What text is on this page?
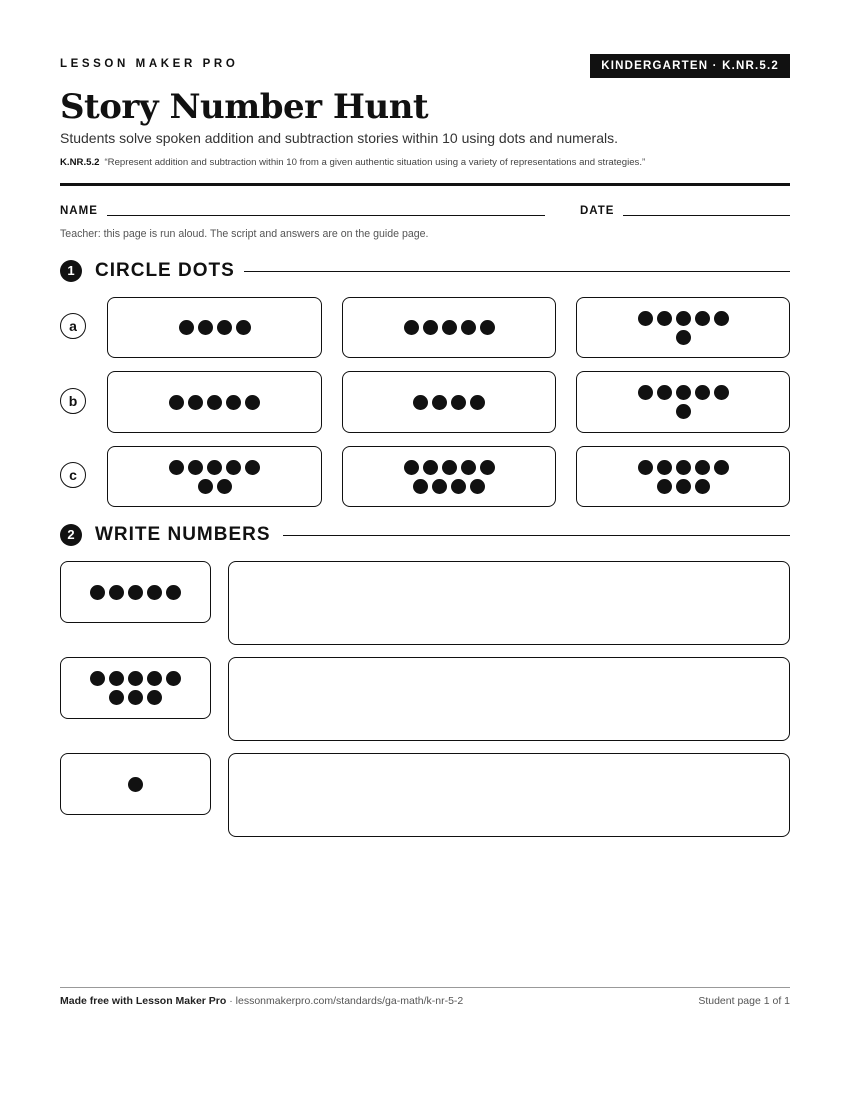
LESSON MAKER PRO	KINDERGARTEN · K.NR.5.2
Story Number Hunt
Students solve spoken addition and subtraction stories within 10 using dots and numerals.
K.NR.5.2 “Represent addition and subtraction within 10 from a given authentic situation using a variety of representations and strategies.”
NAME	DATE
Teacher: this page is run aloud. The script and answers are on the guide page.
1	CIRCLE DOTS
a
b
c
2	WRITE NUMBERS
Made free with Lesson Maker Pro · lessonmakerpro.com/standards/ga-math/k-nr-5-2	Student page 1 of 1
